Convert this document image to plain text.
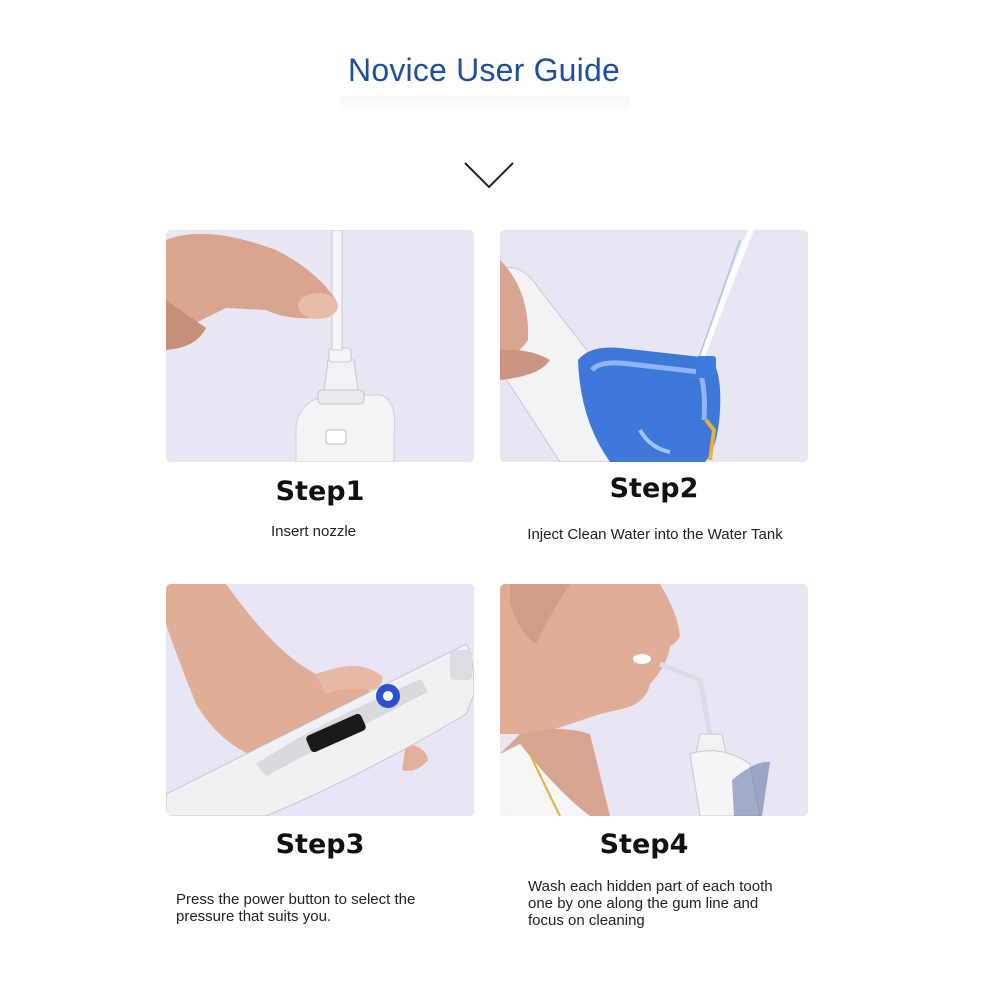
Novice User Guide
Step1	Step2
Step3	Step4
Insert nozzle	Inject Clean Water into the Water Tank
Press the power button to select the pressure that suits you.
Wash each hidden part of each tooth one by one along the gum line and focus on cleaning
